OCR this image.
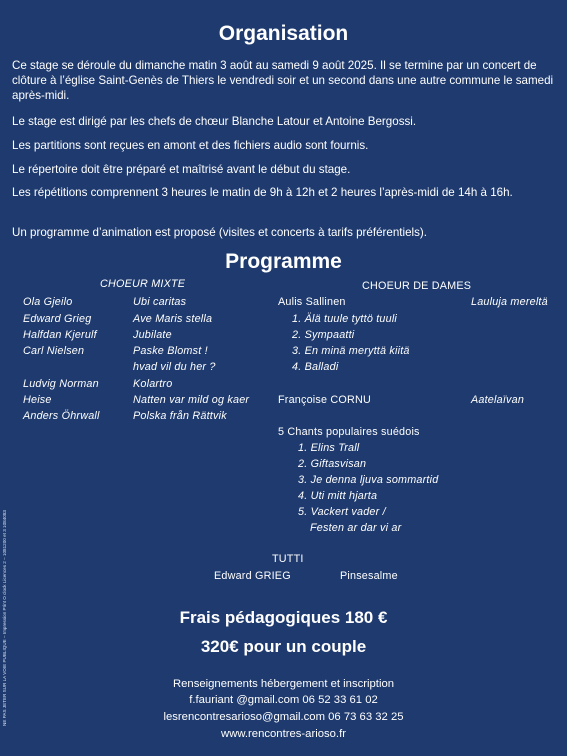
Organisation
Ce stage se déroule du dimanche matin 3 août au samedi 9 août 2025. Il se termine par un concert de clôture à l’église Saint-Genès de Thiers le vendredi soir et un second dans une autre commune le samedi après-midi.
Le stage est dirigé par les chefs de chœur Blanche Latour et Antoine Bergossi.
Les partitions sont reçues en amont et des fichiers audio sont fournis.
Le répertoire doit être préparé et maîtrisé avant le début du stage.
Les répétitions comprennent 3 heures le matin de 9h à 12h et 2 heures l’après-midi de 14h à 16h.
Un programme d’animation est proposé (visites et concerts à tarifs préférentiels).
Programme
CHOEUR MIXTE	CHOEUR DE DAMES
Ola Gjeilo	Ubi caritas
Edward Grieg	Ave Maris stella
Halfdan Kjerulf	Jubilate
Carl Nielsen	Paske Blomst !
hvad vil du her ?
Ludvig Norman	Kolartro
Heise	Natten var mild og kaer
Anders Öhrwall	Polska från Rättvik
Aulis Sallinen	Lauluja mereltä
1. Älä tuule tyttö tuuli
2. Sympaatti
3. En minä meryttä kiitä
4. Balladi
Françoise CORNU	Aatelaïvan
5 Chants populaires suédois
1. Elins Trall
2. Giftasvisan
3. Je denna ljuva sommartid
4. Uti mitt hjarta
5. Vackert vader /
Festen ar dar vi ar
TUTTI
Edward GRIEG	Pinsesalme
Frais pédagogiques 180 €
320€ pour un couple
Renseignements hébergement et inscription
f.fauriant @gmail.com 06 52 33 61 02
lesrencontresarioso@gmail.com 06 73 63 32 25
www.rencontres-arioso.fr
NE PAS JETER SUR LA VOIE PUBLIQUE – Impression Print O clock Licences 2 – 1081200 et 3 1084083
